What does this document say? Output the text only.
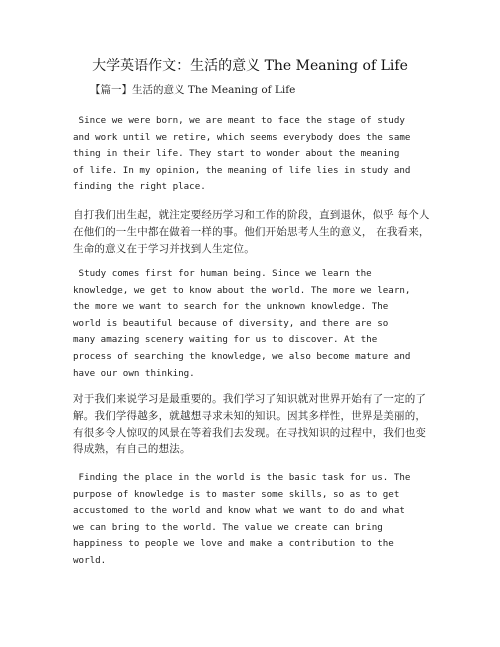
大学英语作文：生活的意义 The Meaning of Life
【篇一】生活的意义 The Meaning of Life

Since we were born, we are meant to face the stage of study
and work until we retire, which seems everybody does the same
thing in their life. They start to wonder about the meaning
of life. In my opinion, the meaning of life lies in study and
finding the right place.

自打我们出生起，就注定要经历学习和工作的阶段，直到退休，似乎 每个人在他们的一生中都在做着一样的事。他们开始思考人生的意义， 在我看来，生命的意义在于学习并找到人生定位。

Study comes first for human being. Since we learn the
knowledge, we get to know about the world. The more we learn,
the more we want to search for the unknown knowledge. The
world is beautiful because of diversity, and there are so
many amazing scenery waiting for us to discover. At the
process of searching the knowledge, we also become mature and
have our own thinking.

对于我们来说学习是最重要的。我们学习了知识就对世界开始有了一定的了解。我们学得越多，就越想寻求未知的知识。因其多样性，世界是美丽的，有很多令人惊叹的风景在等着我们去发现。在寻找知识的过程中，我们也变得成熟，有自己的想法。

Finding the place in the world is the basic task for us. The
purpose of knowledge is to master some skills, so as to get
accustomed to the world and know what we want to do and what
we can bring to the world. The value we create can bring
happiness to people we love and make a contribution to the
world.
